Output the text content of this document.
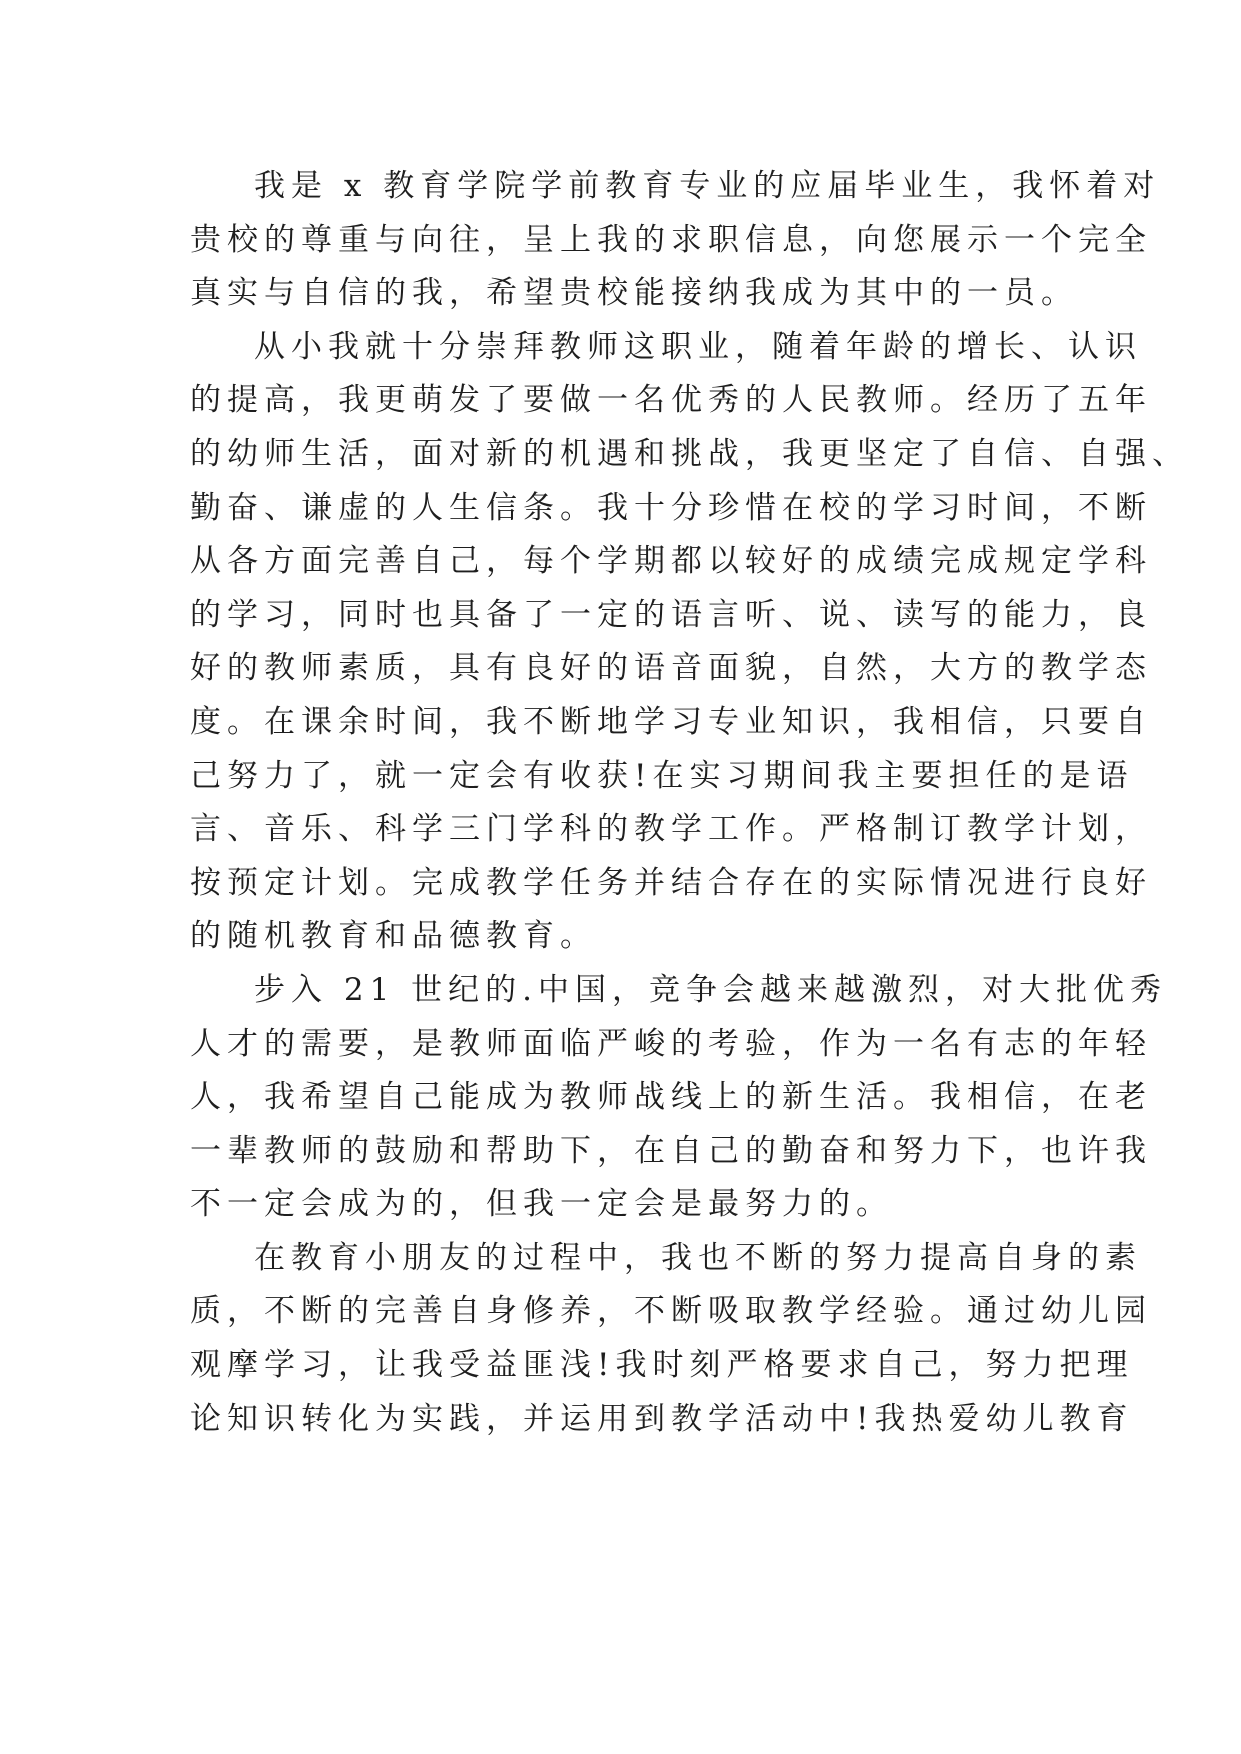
我是 x 教育学院学前教育专业的应届毕业生，我怀着对
贵校的尊重与向往，呈上我的求职信息，向您展示一个完全
真实与自信的我，希望贵校能接纳我成为其中的一员。
从小我就十分崇拜教师这职业，随着年龄的增长、认识
的提高，我更萌发了要做一名优秀的人民教师。经历了五年
的幼师生活，面对新的机遇和挑战，我更坚定了自信、自强、
勤奋、谦虚的人生信条。我十分珍惜在校的学习时间，不断
从各方面完善自己，每个学期都以较好的成绩完成规定学科
的学习，同时也具备了一定的语言听、说、读写的能力，良
好的教师素质，具有良好的语音面貌，自然，大方的教学态
度。在课余时间，我不断地学习专业知识，我相信，只要自
己努力了，就一定会有收获!在实习期间我主要担任的是语
言、音乐、科学三门学科的教学工作。严格制订教学计划，
按预定计划。完成教学任务并结合存在的实际情况进行良好
的随机教育和品德教育。
步入 21 世纪的.中国，竞争会越来越激烈，对大批优秀
人才的需要，是教师面临严峻的考验，作为一名有志的年轻
人，我希望自己能成为教师战线上的新生活。我相信，在老
一辈教师的鼓励和帮助下，在自己的勤奋和努力下，也许我
不一定会成为的，但我一定会是最努力的。
在教育小朋友的过程中，我也不断的努力提高自身的素
质，不断的完善自身修养，不断吸取教学经验。通过幼儿园
观摩学习，让我受益匪浅!我时刻严格要求自己，努力把理
论知识转化为实践，并运用到教学活动中!我热爱幼儿教育
